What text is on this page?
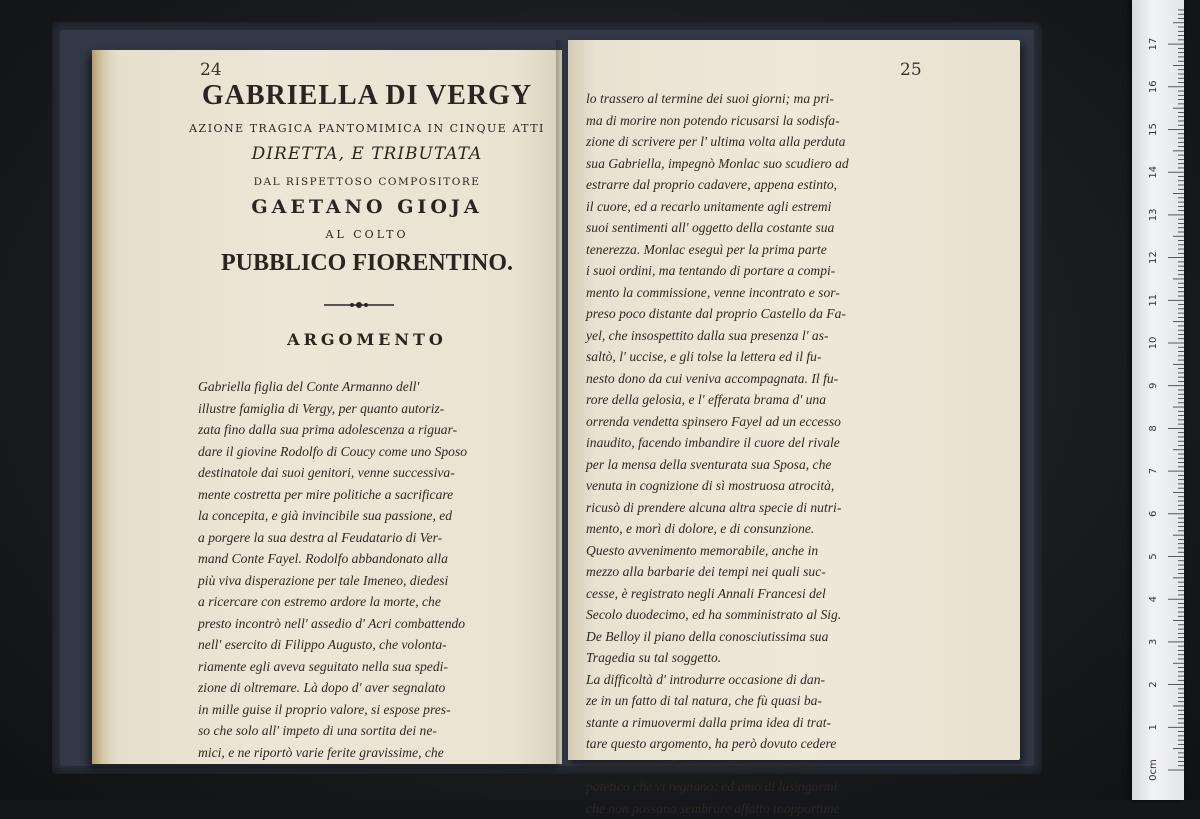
24
GABRIELLA DI VERGY
AZIONE TRAGICA PANTOMIMICA IN CINQUE ATTI
DIRETTA, E TRIBUTATA
DAL RISPETTOSO COMPOSITORE
GAETANO GIOJA
AL COLTO
PUBBLICO FIORENTINO.
ARGOMENTO
Gabriella figlia del Conte Armanno dell'
illustre famiglia di Vergy, per quanto autoriz-
zata fino dalla sua prima adolescenza a riguar-
dare il giovine Rodolfo di Coucy come uno Sposo
destinatole dai suoi genitori, venne successiva-
mente costretta per mire politiche a sacrificare
la concepita, e già invincibile sua passione, ed
a porgere la sua destra al Feudatario di Ver-
mand Conte Fayel. Rodolfo abbandonato alla
più viva disperazione per tale Imeneo, diedesi
a ricercare con estremo ardore la morte, che
presto incontrò nell' assedio d' Acri combattendo
nell' esercito di Filippo Augusto, che volonta-
riamente egli aveva seguitato nella sua spedi-
zione di oltremare. Là dopo d' aver segnalato
in mille guise il proprio valore, si espose pres-
so che solo all' impeto di una sortita dei ne-
mici, e ne riportò varie ferite gravissime, che
25
lo trassero al termine dei suoi giorni; ma pri-
ma di morire non potendo ricusarsi la sodisfa-
zione di scrivere per l' ultima volta alla perduta
sua Gabriella, impegnò Monlac suo scudiero ad
estrarre dal proprio cadavere, appena estinto,
il cuore, ed a recarlo unitamente agli estremi
suoi sentimenti all' oggetto della costante sua
tenerezza. Monlac eseguì per la prima parte
i suoi ordini, ma tentando di portare a compi-
mento la commissione, venne incontrato e sor-
preso poco distante dal proprio Castello da Fa-
yel, che insospettito dalla sua presenza l' as-
saltò, l' uccise, e gli tolse la lettera ed il fu-
nesto dono da cui veniva accompagnata. Il fu-
rore della gelosia, e l' efferata brama d' una
orrenda vendetta spinsero Fayel ad un eccesso
inaudito, facendo imbandire il cuore del rivale
per la mensa della sventurata sua Sposa, che
venuta in cognizione di sì mostruosa atrocità,
ricusò di prendere alcuna altra specie di nutri-
mento, e morì di dolore, e di consunzione.
Questo avvenimento memorabile, anche in
mezzo alla barbarie dei tempi nei quali suc-
cesse, è registrato negli Annali Francesi del
Secolo duodecimo, ed ha somministrato al Sig.
De Belloy il piano della conosciutissima sua
Tragedia su tal soggetto.
La difficoltà d' introdurre occasione di dan-
ze in un fatto di tal natura, che fù quasi ba-
stante a rimuovermi dalla prima idea di trat-
tare questo argomento, ha però dovuto cedere
dopo matura riflessione all' interesse, ed al
patetico che vi regnano: ed amo di lusingarmi
che non possano sembrare affatto inopportune
0cm
1
2
3
4
5
6
7
8
9
10
11
12
13
14
15
16
17
